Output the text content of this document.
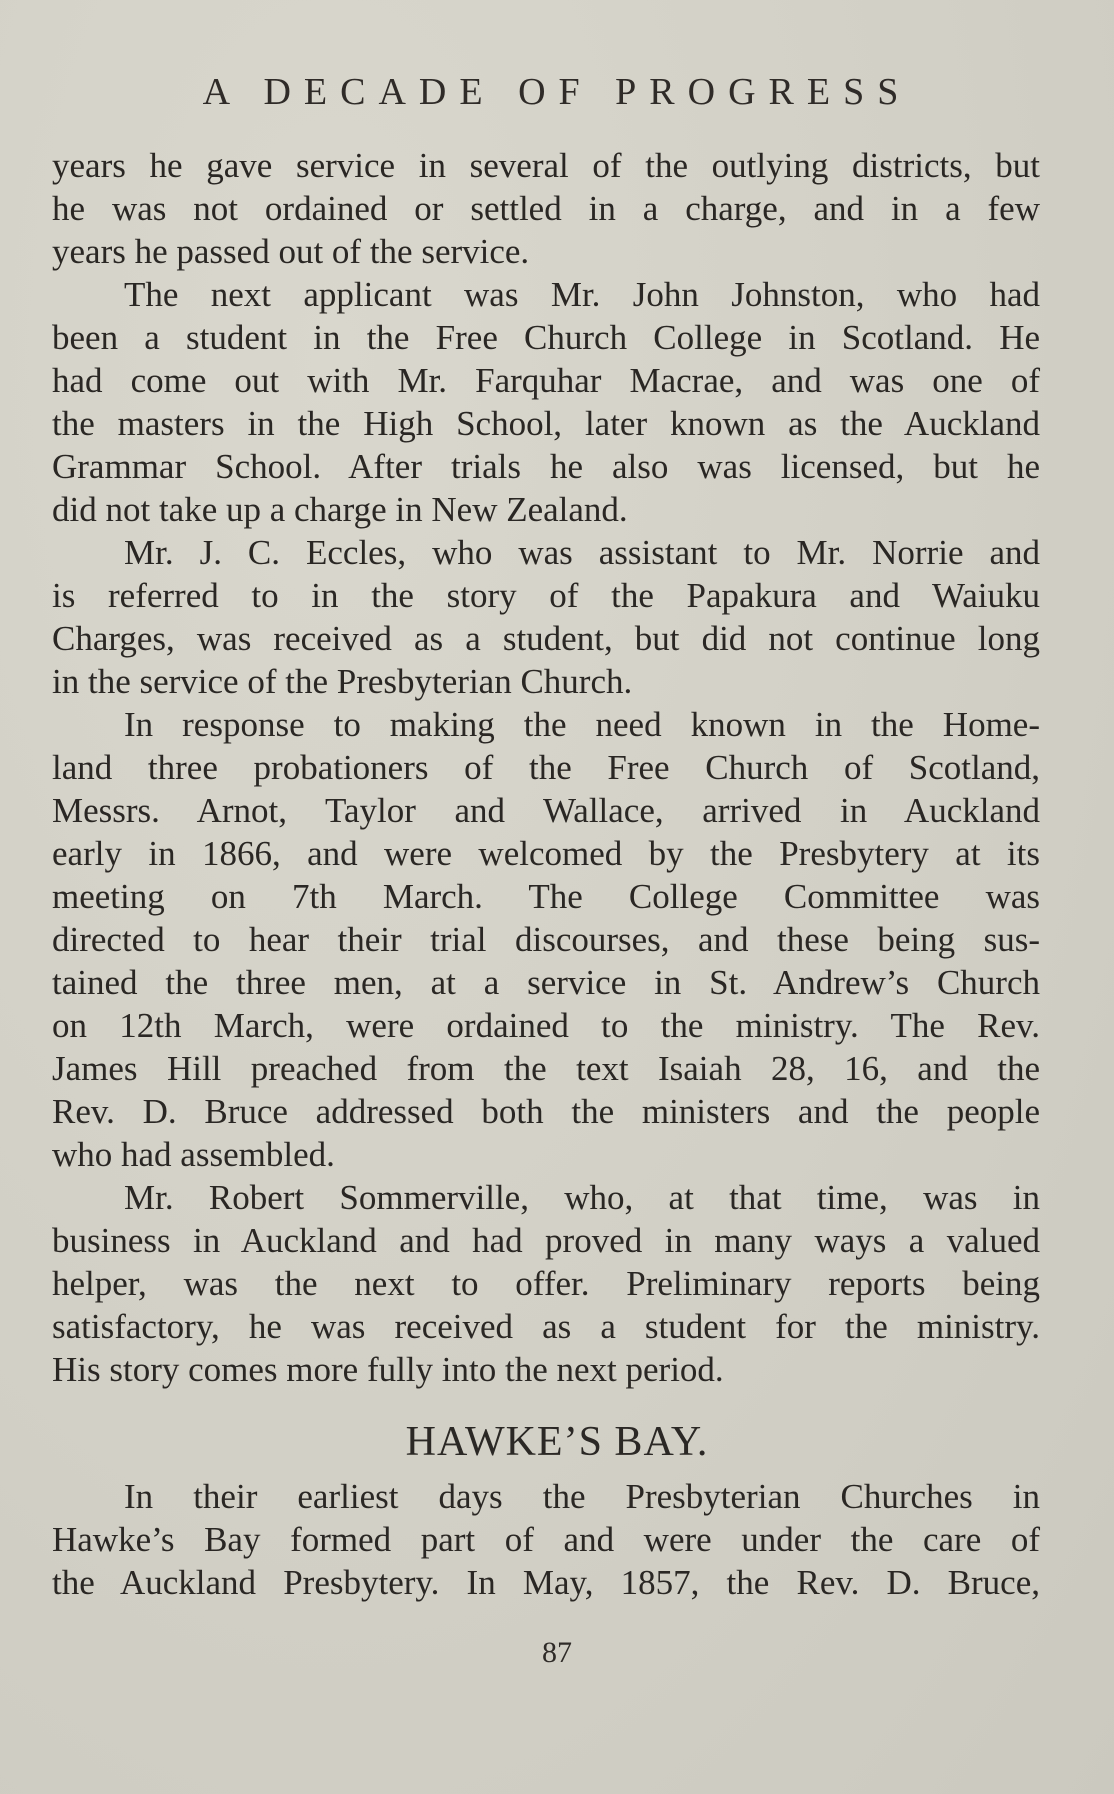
A DECADE OF PROGRESS
years he gave service in several of the outlying districts, but
he was not ordained or settled in a charge, and in a few
years he passed out of the service.
The next applicant was Mr. John Johnston, who had
been a student in the Free Church College in Scotland. He
had come out with Mr. Farquhar Macrae, and was one of
the masters in the High School, later known as the Auckland
Grammar School. After trials he also was licensed, but he
did not take up a charge in New Zealand.
Mr. J. C. Eccles, who was assistant to Mr. Norrie and
is referred to in the story of the Papakura and Waiuku
Charges, was received as a student, but did not continue long
in the service of the Presbyterian Church.
In response to making the need known in the Home-
land three probationers of the Free Church of Scotland,
Messrs. Arnot, Taylor and Wallace, arrived in Auckland
early in 1866, and were welcomed by the Presbytery at its
meeting on 7th March. The College Committee was
directed to hear their trial discourses, and these being sus-
tained the three men, at a service in St. Andrew’s Church
on 12th March, were ordained to the ministry. The Rev.
James Hill preached from the text Isaiah 28, 16, and the
Rev. D. Bruce addressed both the ministers and the people
who had assembled.
Mr. Robert Sommerville, who, at that time, was in
business in Auckland and had proved in many ways a valued
helper, was the next to offer. Preliminary reports being
satisfactory, he was received as a student for the ministry.
His story comes more fully into the next period.
HAWKE’S BAY.
In their earliest days the Presbyterian Churches in
Hawke’s Bay formed part of and were under the care of
the Auckland Presbytery. In May, 1857, the Rev. D. Bruce,
87
